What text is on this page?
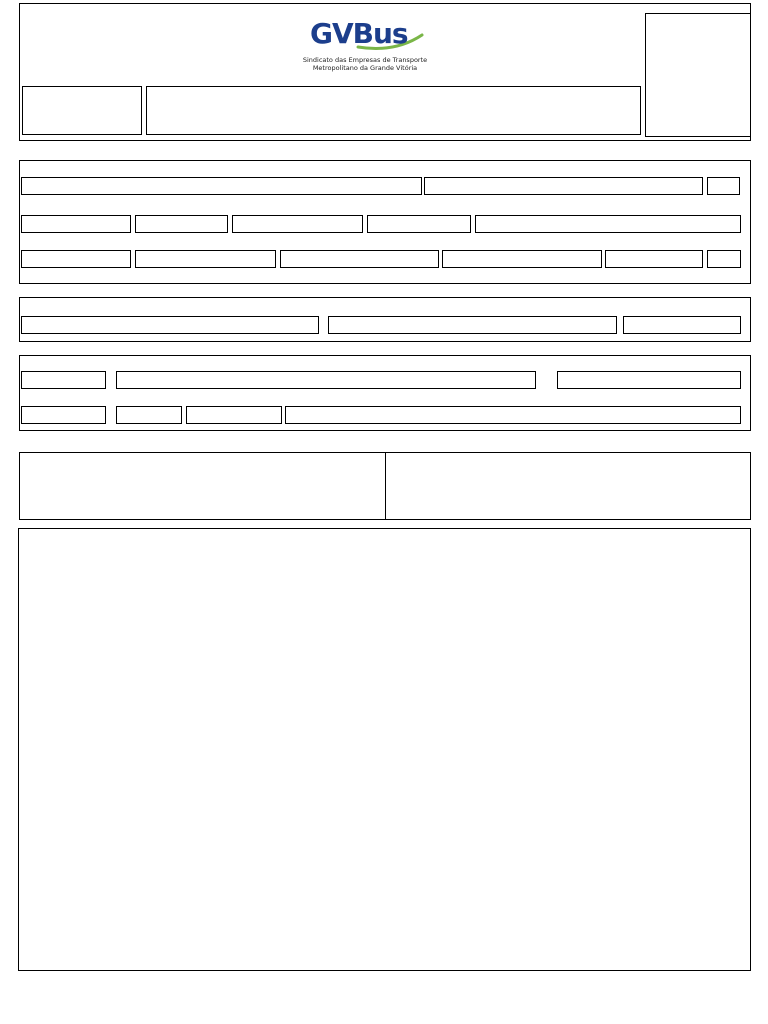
GVBus
Sindicato das Empresas de Transporte
Metropolitano da Grande Vitória
